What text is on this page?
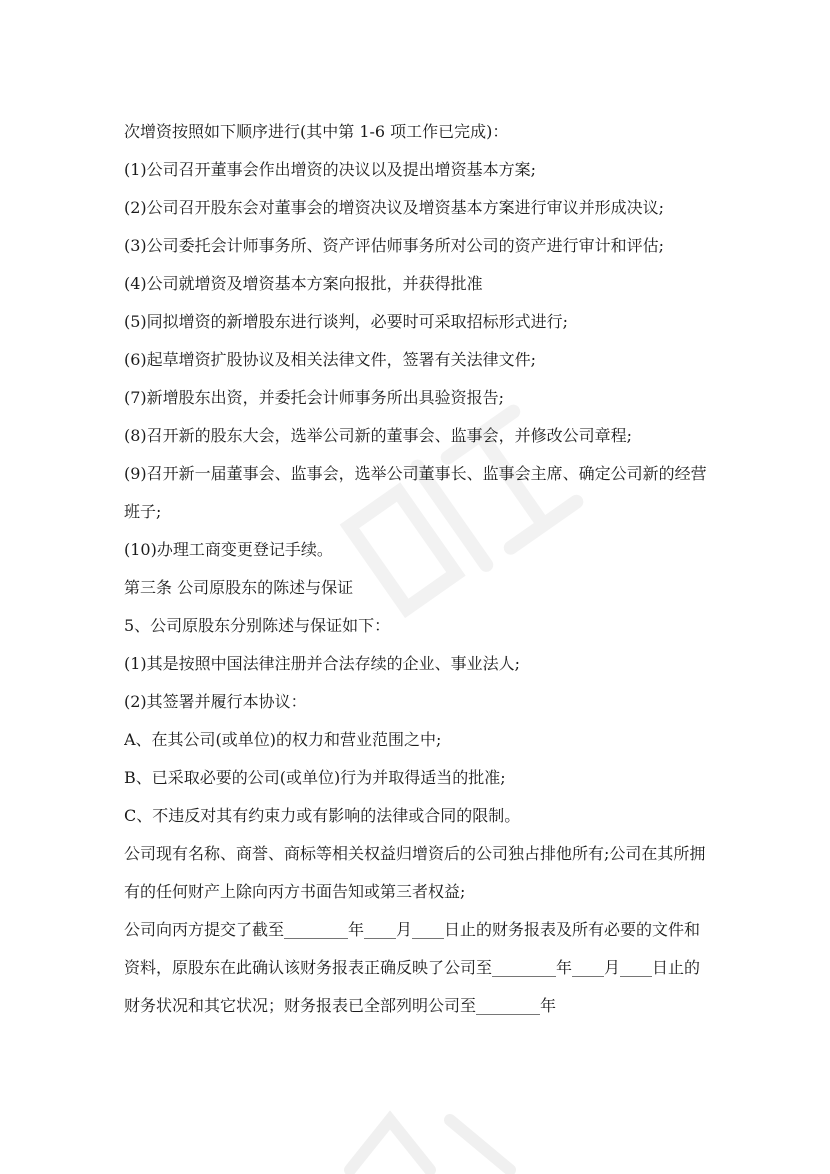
次增资按照如下顺序进行(其中第 1-6 项工作已完成)：

(1)公司召开董事会作出增资的决议以及提出增资基本方案;

(2)公司召开股东会对董事会的增资决议及增资基本方案进行审议并形成决议;

(3)公司委托会计师事务所、资产评估师事务所对公司的资产进行审计和评估;

(4)公司就增资及增资基本方案向报批，并获得批准

(5)同拟增资的新增股东进行谈判，必要时可采取招标形式进行;

(6)起草增资扩股协议及相关法律文件，签署有关法律文件;

(7)新增股东出资，并委托会计师事务所出具验资报告;

(8)召开新的股东大会，选举公司新的董事会、监事会，并修改公司章程;

(9)召开新一届董事会、监事会，选举公司董事长、监事会主席、确定公司新的经营班子;

(10)办理工商变更登记手续。

第三条 公司原股东的陈述与保证

5、公司原股东分别陈述与保证如下：

(1)其是按照中国法律注册并合法存续的企业、事业法人;

(2)其签署并履行本协议：

A、在其公司(或单位)的权力和营业范围之中;

B、已采取必要的公司(或单位)行为并取得适当的批准;

C、不违反对其有约束力或有影响的法律或合同的限制。

公司现有名称、商誉、商标等相关权益归增资后的公司独占排他所有;公司在其所拥有的任何财产上除向丙方书面告知或第三者权益;

公司向丙方提交了截至________年____月____日止的财务报表及所有必要的文件和资料，原股东在此确认该财务报表正确反映了公司至________年____月____日止的财务状况和其它状况；财务报表已全部列明公司至________年
